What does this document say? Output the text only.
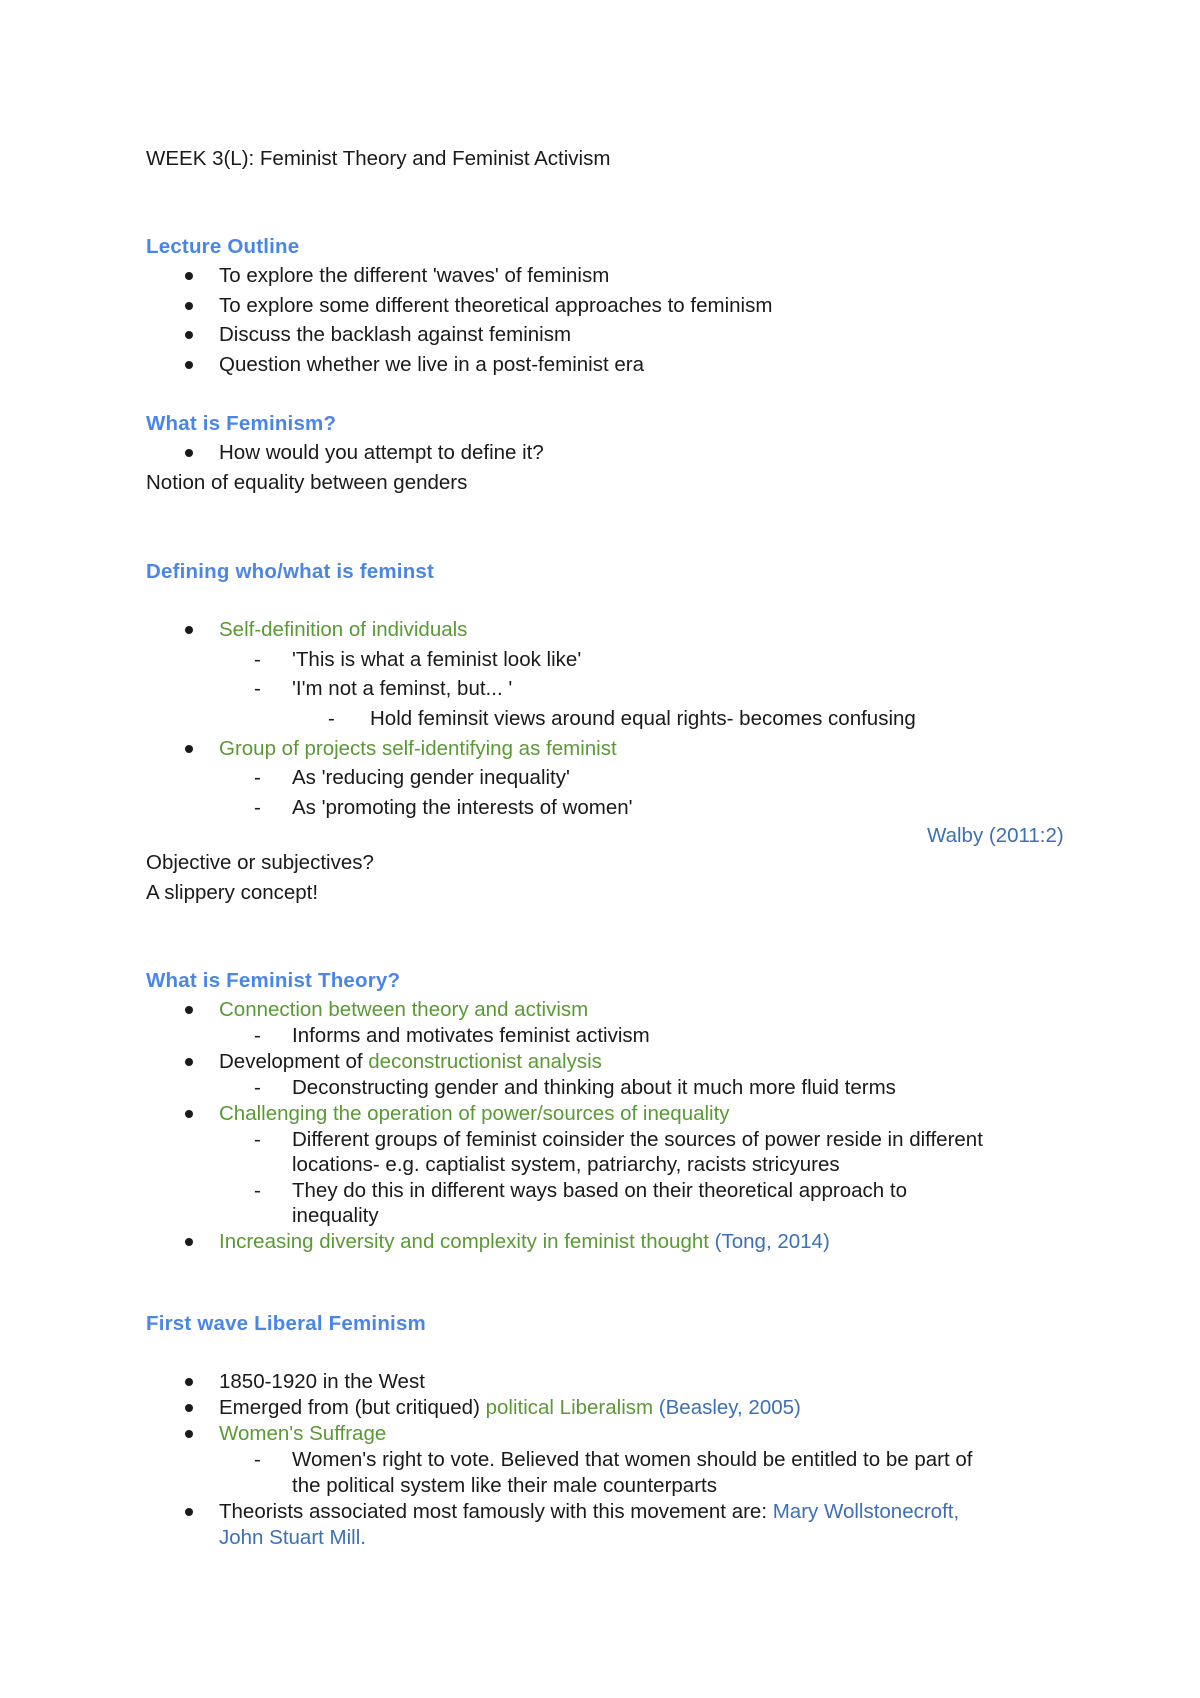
WEEK 3(L): Feminist Theory and Feminist Activism
Lecture Outline
To explore the different 'waves' of feminism
To explore some different theoretical approaches to feminism
Discuss the backlash against feminism
Question whether we live in a post-feminist era
What is Feminism?
How would you attempt to define it?
Notion of equality between genders
Defining who/what is feminst
Self-definition of individuals
- 'This is what a feminist look like'
- 'I'm not a feminst, but... '
- Hold feminsit views around equal rights- becomes confusing
Group of projects self-identifying as feminist
- As 'reducing gender inequality'
- As 'promoting the interests of women'
Walby (2011:2)
Objective or subjectives?
A slippery concept!
What is Feminist Theory?
Connection between theory and activism
- Informs and motivates feminist activism
Development of deconstructionist analysis
- Deconstructing gender and thinking about it much more fluid terms
Challenging the operation of power/sources of inequality
- Different groups of feminist coinsider the sources of power reside in different
locations- e.g. captialist system, patriarchy, racists stricyures
- They do this in different ways based on their theoretical approach to
inequality
Increasing diversity and complexity in feminist thought (Tong, 2014)
First wave Liberal Feminism
1850-1920 in the West
Emerged from (but critiqued) political Liberalism (Beasley, 2005)
Women's Suffrage
- Women's right to vote. Believed that women should be entitled to be part of
the political system like their male counterparts
Theorists associated most famously with this movement are: Mary Wollstonecroft,
John Stuart Mill.
